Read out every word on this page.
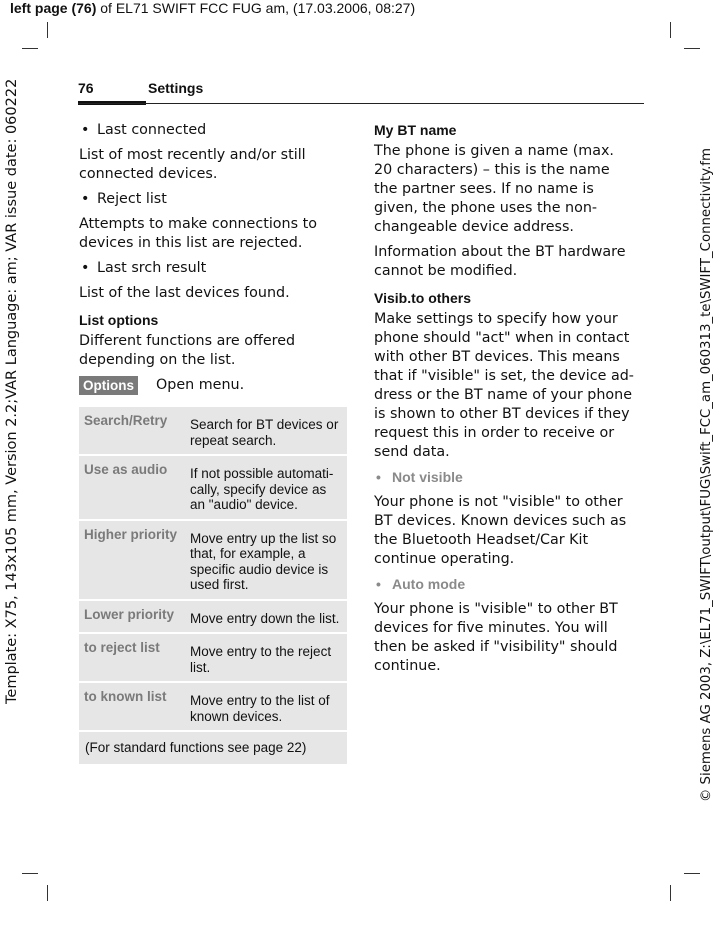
left page (76) of EL71 SWIFT FCC FUG am, (17.03.2006, 08:27)
Template: X75, 143x105 mm, Version 2.2;VAR Language: am; VAR issue date: 060222	© Siemens AG 2003, Z:\EL71_SWIFT\output\FUG\Swift_FCC_am_060313_te\SWIFT_Connectivity.fm
76	Settings
• Last connected

List of most recently and/or still connected devices.

• Reject list

Attempts to make connections to devices in this list are rejected.

• Last srch result

List of the last devices found.

List options

Different functions are offered depending on the list.

Options Open menu.
Search/Retry	Search for BT devices or repeat search.
Use as audio	If not possible automati-cally, specify device as an "audio" device.
Higher priority	Move entry up the list so that, for example, a specific audio device is used first.
Lower priority	Move entry down the list.
to reject list	Move entry to the reject list.
to known list	Move entry to the list of known devices.
(For standard functions see page 22)	
My BT name

The phone is given a name (max. 20 characters) – this is the name the partner sees. If no name is given, the phone uses the non-changeable device address.

Information about the BT hardware cannot be modified.

Visib.to others

Make settings to specify how your phone should "act" when in contact with other BT devices. This means that if "visible" is set, the device ad-dress or the BT name of your phone is shown to other BT devices if they request this in order to receive or send data.

• Not visible

Your phone is not "visible" to other BT devices. Known devices such as the Bluetooth Headset/Car Kit continue operating.

• Auto mode

Your phone is "visible" to other BT devices for five minutes. You will then be asked if "visibility" should continue.
